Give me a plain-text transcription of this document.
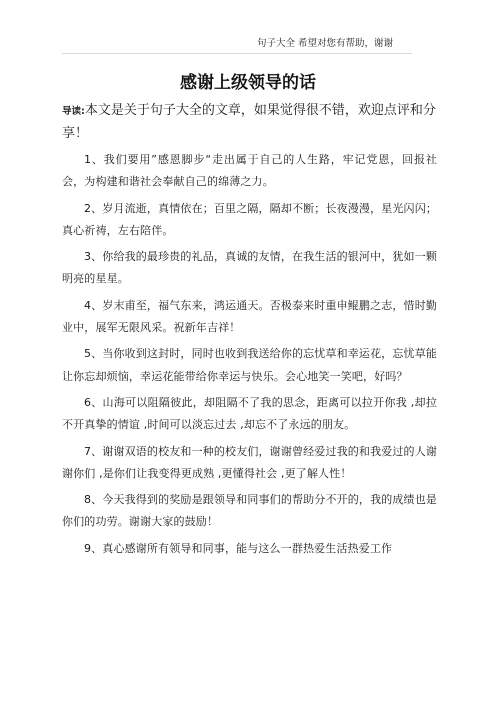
句子大全 希望对您有帮助，谢谢
感谢上级领导的话

导读:本文是关于句子大全的文章，如果觉得很不错，欢迎点评和分享！

1、我们要用”感恩脚步“走出属于自己的人生路，牢记党恩，回报社会，为构建和谐社会奉献自己的绵薄之力。

2、岁月流逝，真情依在；百里之隔，隔却不断；长夜漫漫，星光闪闪；真心祈祷，左右陪伴。

3、你给我的最珍贵的礼品，真诚的友情，在我生活的银河中，犹如一颗明亮的星星。

4、岁末甫至，福气东来，鸿运通天。否极泰来时重申鲲鹏之志，惜时勤业中，展军无限风采。祝新年吉祥！

5、当你收到这封时，同时也收到我送给你的忘忧草和幸运花，忘忧草能让你忘却烦恼，幸运花能带给你幸运与快乐。会心地笑一笑吧，好吗？

6、山海可以阻隔彼此，却阻隔不了我的思念，距离可以拉开你我 ,却拉不开真挚的情谊 ,时间可以淡忘过去 ,却忘不了永远的朋友。

7、谢谢双语的校友和一种的校友们，谢谢曾经爱过我的和我爱过的人谢谢你们 ,是你们让我变得更成熟 ,更懂得社会 ,更了解人性！

8、今天我得到的奖励是跟领导和同事们的帮助分不开的，我的成绩也是你们的功劳。谢谢大家的鼓励！

9、真心感谢所有领导和同事，能与这么一群热爱生活热爱工作
